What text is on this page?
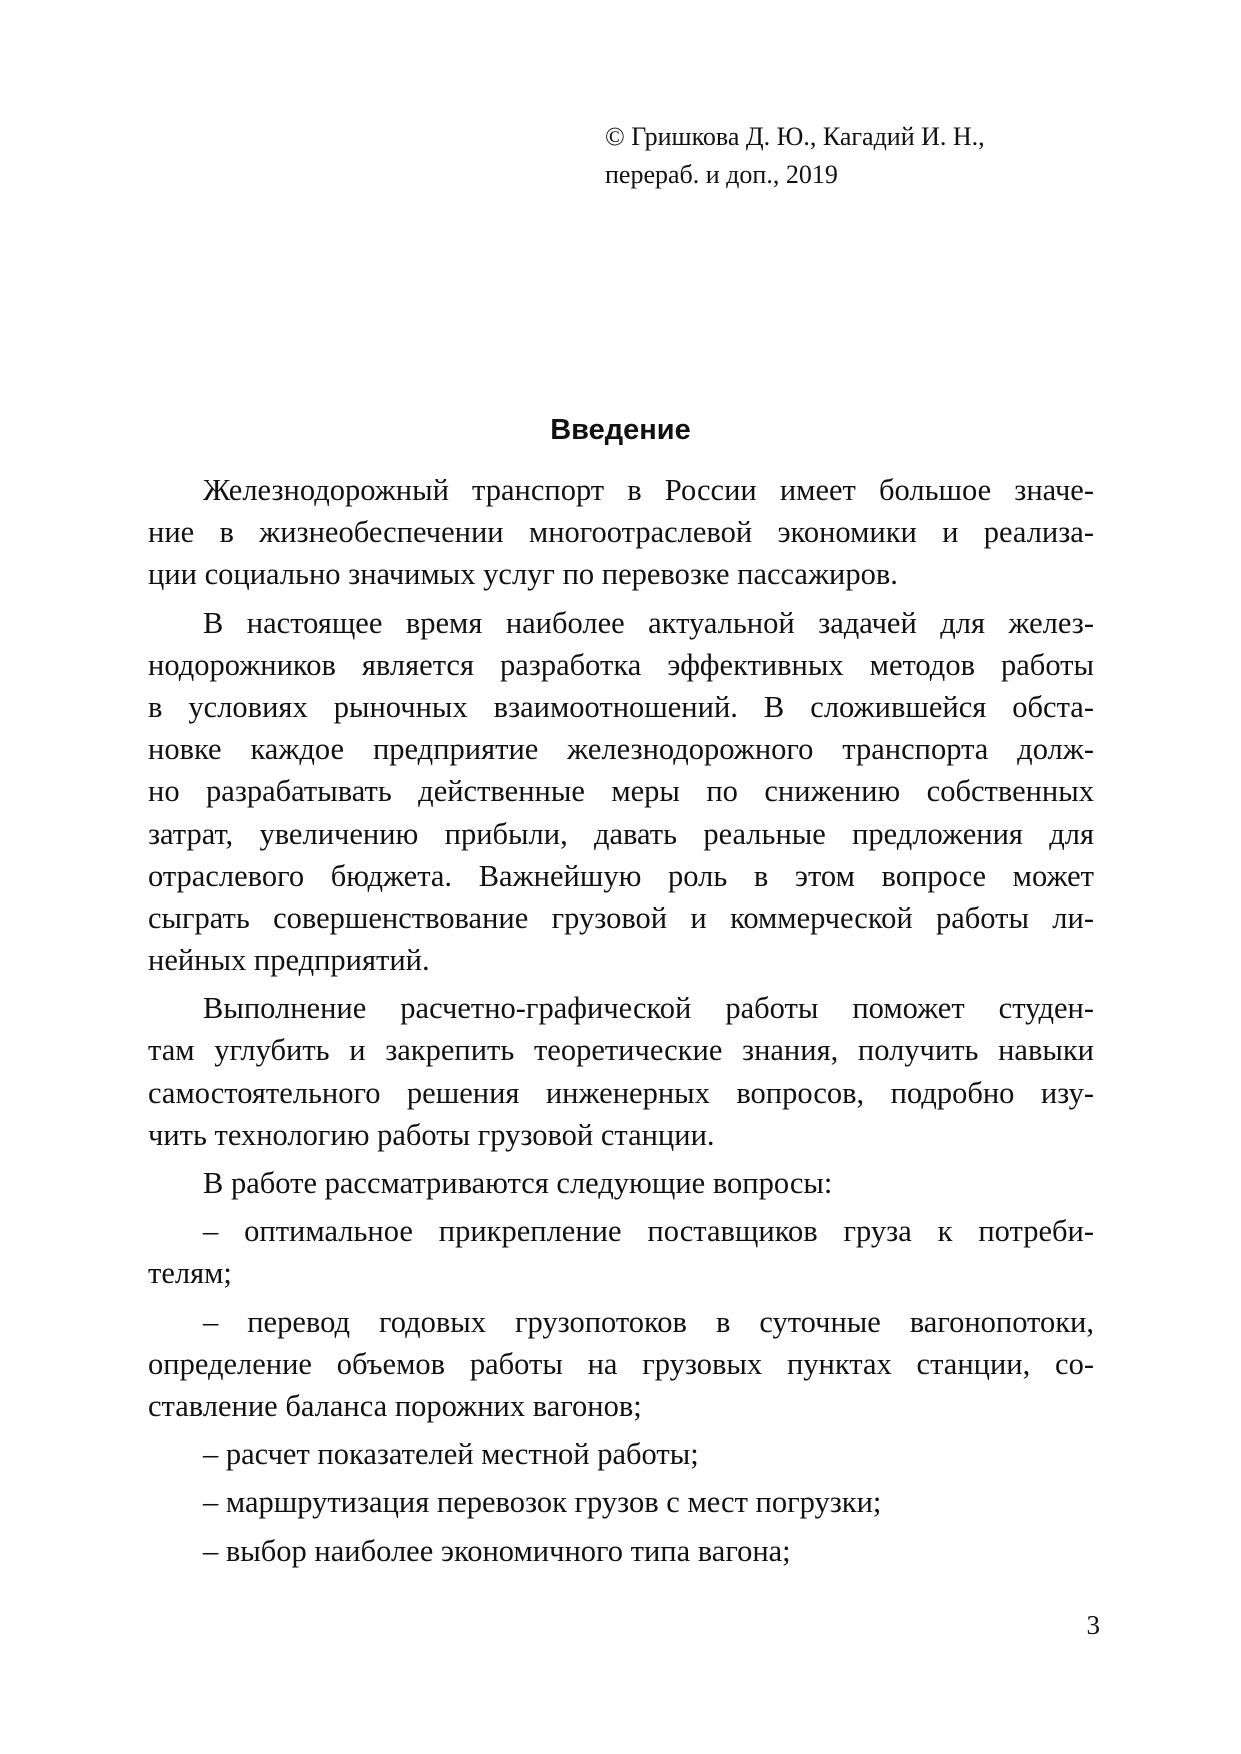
© Гришкова Д. Ю., Кагадий И. Н.,
перераб. и доп., 2019
Введение
Железнодорожный транспорт в России имеет большое значе-
ние в жизнеобеспечении многоотраслевой экономики и реализа-
ции социально значимых услуг по перевозке пассажиров.
В настоящее время наиболее актуальной задачей для желез-
нодорожников является разработка эффективных методов работы
в условиях рыночных взаимоотношений. В сложившейся обста-
новке каждое предприятие железнодорожного транспорта долж-
но разрабатывать действенные меры по снижению собственных
затрат, увеличению прибыли, давать реальные предложения для
отраслевого бюджета. Важнейшую роль в этом вопросе может
сыграть совершенствование грузовой и коммерческой работы ли-
нейных предприятий.
Выполнение расчетно-графической работы поможет студен-
там углубить и закрепить теоретические знания, получить навыки
самостоятельного решения инженерных вопросов, подробно изу-
чить технологию работы грузовой станции.
В работе рассматриваются следующие вопросы:
– оптимальное прикрепление поставщиков груза к потреби-
телям;
– перевод годовых грузопотоков в суточные вагонопотоки,
определение объемов работы на грузовых пунктах станции, со-
ставление баланса порожних вагонов;
– расчет показателей местной работы;
– маршрутизация перевозок грузов с мест погрузки;
– выбор наиболее экономичного типа вагона;
3
